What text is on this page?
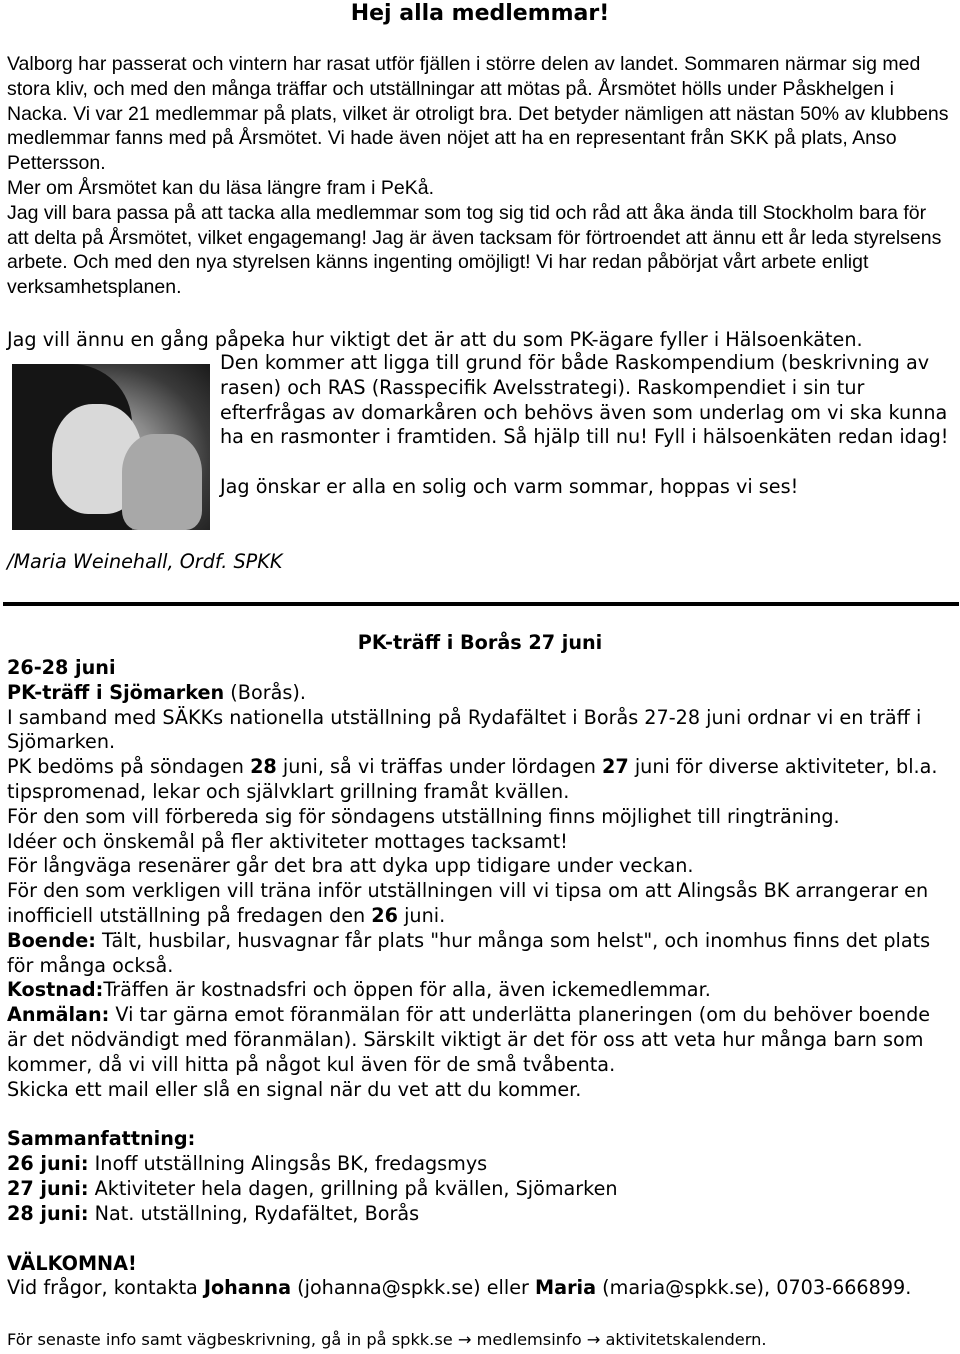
Hej alla medlemmar!

Valborg har passerat och vintern har rasat utför fjällen i större delen av landet. Sommaren närmar sig med stora kliv, och med den många träffar och utställningar att mötas på. Årsmötet hölls under Påskhelgen i Nacka. Vi var 21 medlemmar på plats, vilket är otroligt bra. Det betyder nämligen att nästan 50% av klubbens medlemmar fanns med på Årsmötet. Vi hade även nöjet att ha en representant från SKK på plats, Anso Pettersson.

Mer om Årsmötet kan du läsa längre fram i PeKå.

Jag vill bara passa på att tacka alla medlemmar som tog sig tid och råd att åka ända till Stockholm bara för att delta på Årsmötet, vilket engagemang! Jag är även tacksam för förtroendet att ännu ett år leda styrelsens arbete. Och med den nya styrelsen känns ingenting omöjligt! Vi har redan påbörjat vårt arbete enligt verksamhetsplanen.

Jag vill ännu en gång påpeka hur viktigt det är att du som PK-ägare fyller i Hälsoenkäten.

Den kommer att ligga till grund för både Raskompendium (beskrivning av rasen) och RAS (Rasspecifik Avelsstrategi). Raskompendiet i sin tur efterfrågas av domarkåren och behövs även som underlag om vi ska kunna ha en rasmonter i framtiden. Så hjälp till nu! Fyll i hälsoenkäten redan idag!

Jag önskar er alla en solig och varm sommar, hoppas vi ses!

/Maria Weinehall, Ordf. SPKK

PK-träff i Borås 27 juni

26-28 juni

PK-träff i Sjömarken (Borås).

I samband med SÄKKs nationella utställning på Rydafältet i Borås 27-28 juni ordnar vi en träff i Sjömarken.

PK bedöms på söndagen 28 juni, så vi träffas under lördagen 27 juni för diverse aktiviteter, bl.a. tipspromenad, lekar och självklart grillning framåt kvällen.

För den som vill förbereda sig för söndagens utställning finns möjlighet till ringträning.

Idéer och önskemål på fler aktiviteter mottages tacksamt!

För långväga resenärer går det bra att dyka upp tidigare under veckan.

För den som verkligen vill träna inför utställningen vill vi tipsa om att Alingsås BK arrangerar en inofficiell utställning på fredagen den 26 juni.

Boende: Tält, husbilar, husvagnar får plats "hur många som helst", och inomhus finns det plats för många också.

Kostnad:Träffen är kostnadsfri och öppen för alla, även ickemedlemmar.

Anmälan: Vi tar gärna emot föranmälan för att underlätta planeringen (om du behöver boende är det nödvändigt med föranmälan). Särskilt viktigt är det för oss att veta hur många barn som kommer, då vi vill hitta på något kul även för de små tvåbenta.

Skicka ett mail eller slå en signal när du vet att du kommer.

Sammanfattning:

26 juni: Inoff utställning Alingsås BK, fredagsmys

27 juni: Aktiviteter hela dagen, grillning på kvällen, Sjömarken

28 juni: Nat. utställning, Rydafältet, Borås

VÄLKOMNA!

Vid frågor, kontakta Johanna (johanna@spkk.se) eller Maria (maria@spkk.se), 0703-666899.

För senaste info samt vägbeskrivning, gå in på spkk.se → medlemsinfo → aktivitetskalendern.
